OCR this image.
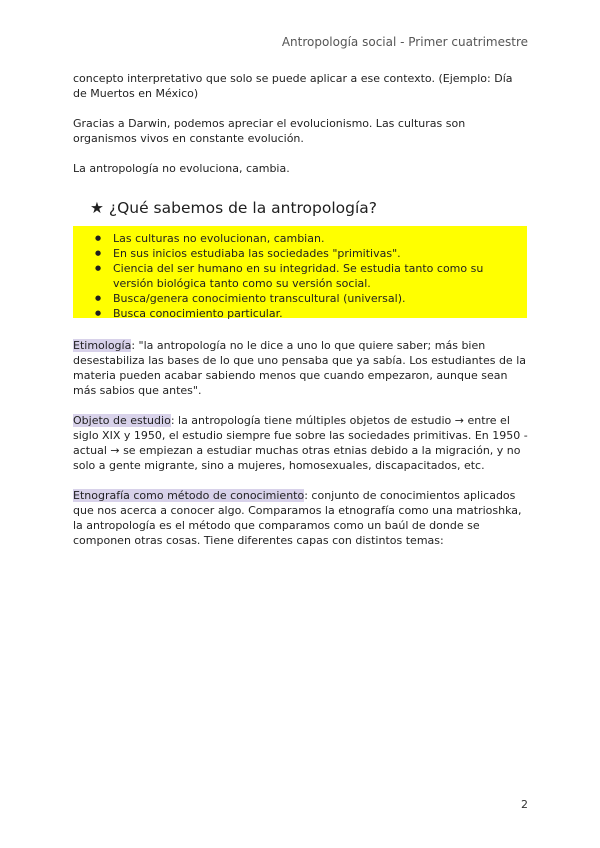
Antropología social - Primer cuatrimestre

concepto interpretativo que solo se puede aplicar a ese contexto. (Ejemplo: Día de Muertos en México)

Gracias a Darwin, podemos apreciar el evolucionismo. Las culturas son organismos vivos en constante evolución.

La antropología no evoluciona, cambia.

★ ¿Qué sabemos de la antropología?
● Las culturas no evolucionan, cambian.
● En sus inicios estudiaba las sociedades "primitivas".
● Ciencia del ser humano en su integridad. Se estudia tanto como su versión biológica tanto como su versión social.
● Busca/genera conocimiento transcultural (universal).
● Busca conocimiento particular.

Etimología: "la antropología no le dice a uno lo que quiere saber; más bien desestabiliza las bases de lo que uno pensaba que ya sabía. Los estudiantes de la materia pueden acabar sabiendo menos que cuando empezaron, aunque sean más sabios que antes".

Objeto de estudio: la antropología tiene múltiples objetos de estudio → entre el siglo XIX y 1950, el estudio siempre fue sobre las sociedades primitivas. En 1950 - actual → se empiezan a estudiar muchas otras etnias debido a la migración, y no solo a gente migrante, sino a mujeres, homosexuales, discapacitados, etc.

Etnografía como método de conocimiento: conjunto de conocimientos aplicados que nos acerca a conocer algo. Comparamos la etnografía como una matrioshka, la antropología es el método que comparamos como un baúl de donde se componen otras cosas. Tiene diferentes capas con distintos temas:

2
